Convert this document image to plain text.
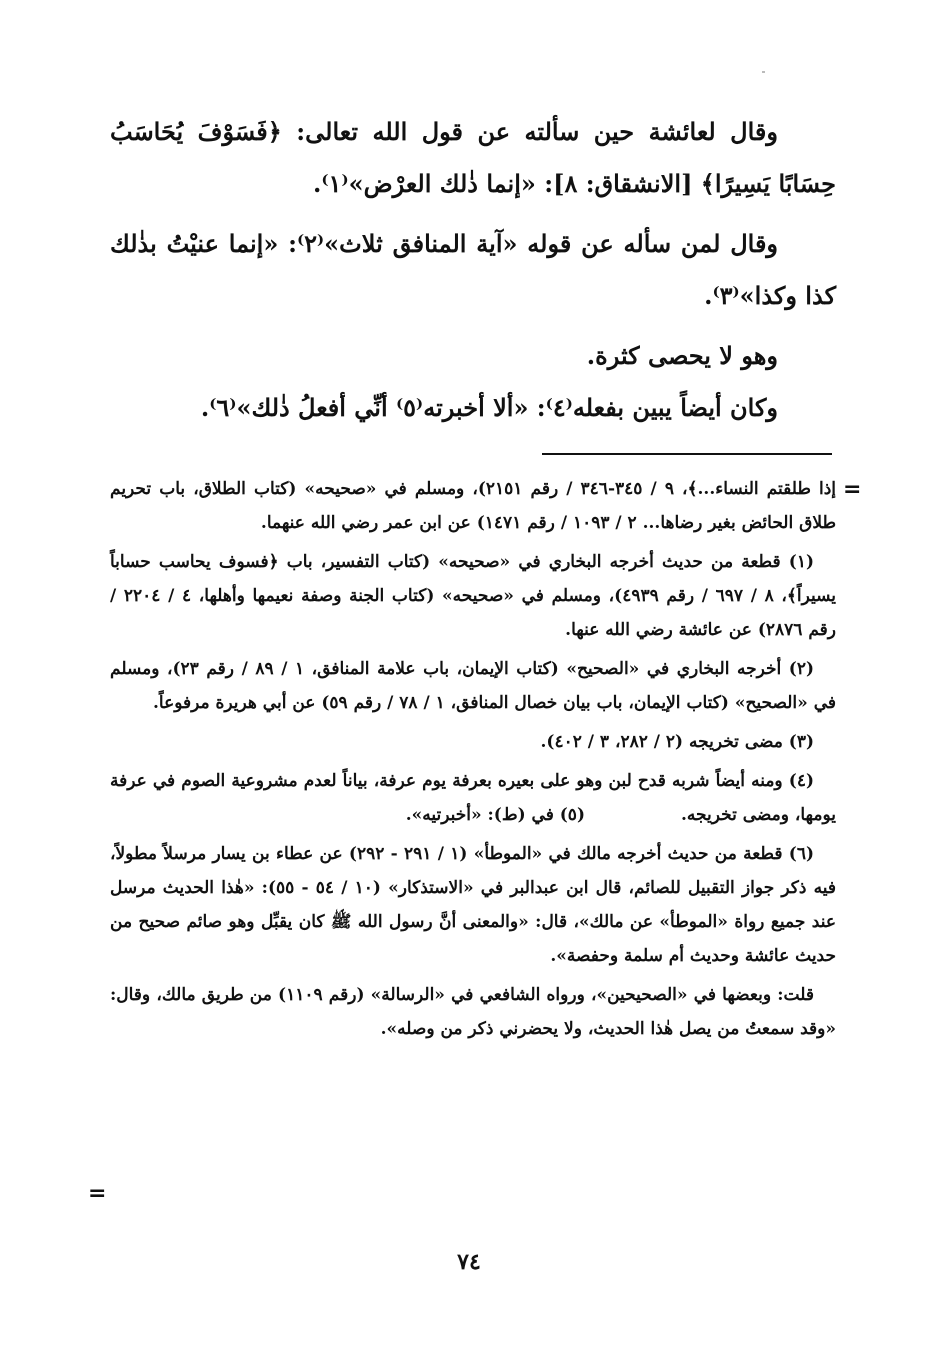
وقال لعائشة حين سألته عن قول الله تعالى: ﴿فَسَوْفَ يُحَاسَبُ حِسَابًا يَسِيرًا﴾ [الانشقاق: ٨]: «إنما ذٰلك العرْض»⁽١⁾.

وقال لمن سأله عن قوله «آية المنافق ثلاث»⁽٢⁾: «إنما عنيْتُ بذٰلك كذا وكذا»⁽٣⁾.

وهو لا يحصى كثرة.

وكان أيضاً يبين بفعله⁽٤⁾: «ألا أخبرته⁽٥⁾ أنِّي أفعلُ ذٰلك»⁽٦⁾.

=

إذا طلقتم النساء...﴾، ٩ / ٣٤٥-٣٤٦ / رقم ٢١٥١)، ومسلم في «صحيحه» (كتاب الطلاق، باب تحريم طلاق الحائض بغير رضاها... ٢ / ١٠٩٣ / رقم ١٤٧١) عن ابن عمر رضي الله عنهما.

(١) قطعة من حديث أخرجه البخاري في «صحيحه» (كتاب التفسير، باب ﴿فسوف يحاسب حساباً يسيراً﴾، ٨ / ٦٩٧ / رقم ٤٩٣٩)، ومسلم في «صحيحه» (كتاب الجنة وصفة نعيمها وأهلها، ٤ / ٢٢٠٤ / رقم ٢٨٧٦) عن عائشة رضي الله عنها.

(٢) أخرجه البخاري في «الصحيح» (كتاب الإيمان، باب علامة المنافق، ١ / ٨٩ / رقم ٢٣)، ومسلم في «الصحيح» (كتاب الإيمان، باب بيان خصال المنافق، ١ / ٧٨ / رقم ٥٩) عن أبي هريرة مرفوعاً.

(٣) مضى تخريجه (٢ / ٢٨٢، ٣ / ٤٠٢).

(٤) ومنه أيضاً شربه قدح لبن وهو على بعيره بعرفة يوم عرفة، بياناً لعدم مشروعية الصوم في عرفة يومها، ومضى تخريجه.(٥) في (ط): «أخبرتيه».

(٦) قطعة من حديث أخرجه مالك في «الموطأ» (١ / ٢٩١ - ٢٩٢) عن عطاء بن يسار مرسلاً مطولاً، فيه ذكر جواز التقبيل للصائم، قال ابن عبدالبر في «الاستذكار» (١٠ / ٥٤ - ٥٥): «هٰذا الحديث مرسل عند جميع رواة «الموطأ» عن مالك»، قال: «والمعنى أنَّ رسول الله ﷺ كان يقبِّل وهو صائم صحيح من حديث عائشة وحديث أم سلمة وحفصة».

قلت: وبعضها في «الصحيحين»، ورواه الشافعي في «الرسالة» (رقم ١١٠٩) من طريق مالك، وقال: «وقد سمعتُ من يصل هٰذا الحديث، ولا يحضرني ذكر من وصله».

=
٧٤
